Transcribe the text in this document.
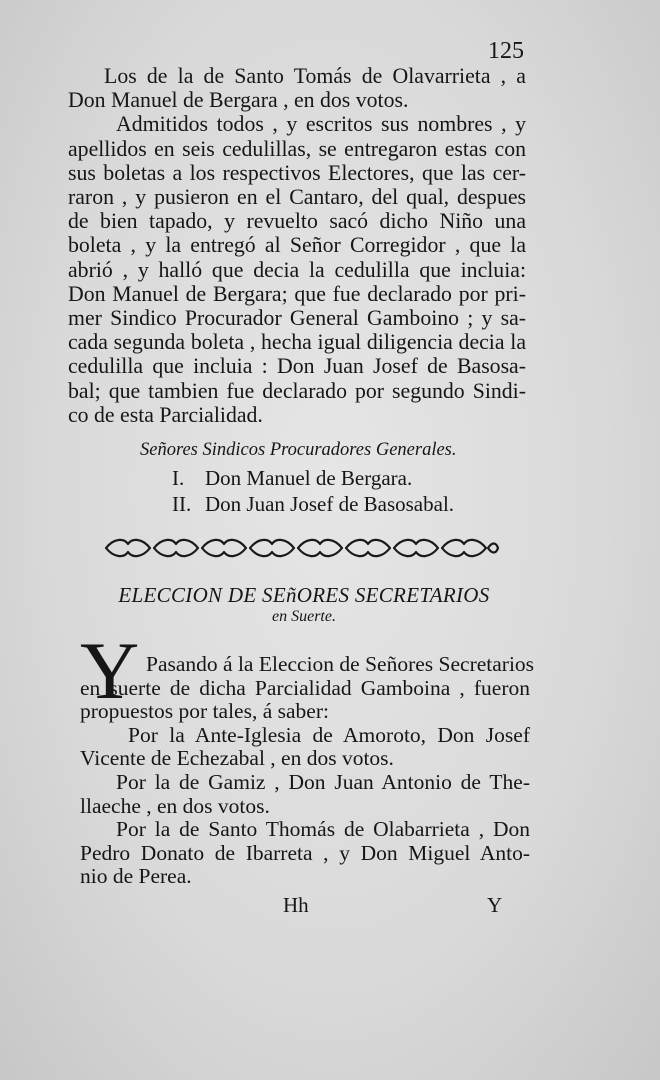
125
Los de la de Santo Tomás de Olavarrieta , a
Don Manuel de Bergara , en dos votos.
Admitidos todos , y escritos sus nombres , y
apellidos en seis cedulillas, se entregaron estas con
sus boletas a los respectivos Electores, que las cer-
raron , y pusieron en el Cantaro, del qual, despues
de bien tapado, y revuelto sacó dicho Niño una
boleta , y la entregó al Señor Corregidor , que la
abrió , y halló que decia la cedulilla que incluia:
Don Manuel de Bergara; que fue declarado por pri-
mer Sindico Procurador General Gamboino ; y sa-
cada segunda boleta , hecha igual diligencia decia la
cedulilla que incluia : Don Juan Josef de Basosa-
bal; que tambien fue declarado por segundo Sindi-
co de esta Parcialidad.
Señores Sindicos Procuradores Generales.
I. Don Manuel de Bergara.
II. Don Juan Josef de Basosabal.
ELECCION DE SEñORES SECRETARIOS
en Suerte.
Y Pasando á la Eleccion de Señores Secretarios
en suerte de dicha Parcialidad Gamboina , fueron
propuestos por tales, á saber:
Por la Ante-Iglesia de Amoroto, Don Josef
Vicente de Echezabal , en dos votos.
Por la de Gamiz , Don Juan Antonio de The-
llaeche , en dos votos.
Por la de Santo Thomás de Olabarrieta , Don
Pedro Donato de Ibarreta , y Don Miguel Anto-
nio de Perea.
Hh	Y
